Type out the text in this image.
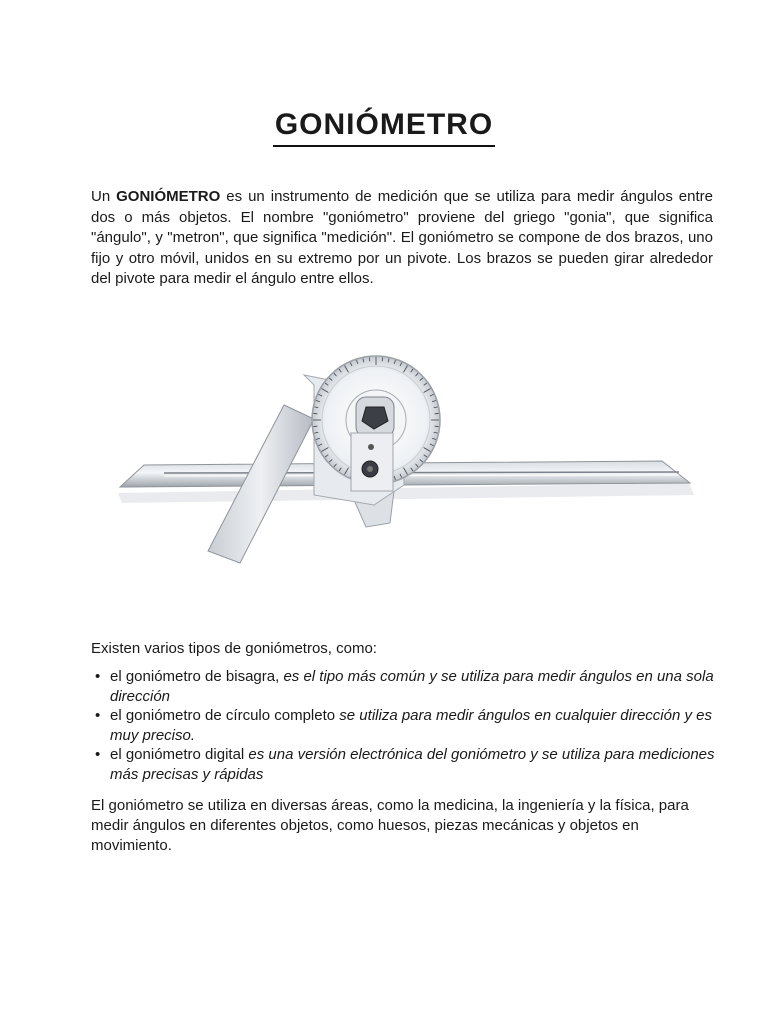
GONIÓMETRO

Un GONIÓMETRO es un instrumento de medición que se utiliza para medir ángulos entre dos o más objetos. El nombre "goniómetro" proviene del griego "gonia", que significa "ángulo", y "metron", que significa "medición". El goniómetro se compone de dos brazos, uno fijo y otro móvil, unidos en su extremo por un pivote. Los brazos se pueden girar alrededor del pivote para medir el ángulo entre ellos.

Existen varios tipos de goniómetros, como:

• el goniómetro de bisagra, es el tipo más común y se utiliza para medir ángulos en una sola dirección
• el goniómetro de círculo completo se utiliza para medir ángulos en cualquier dirección y es muy preciso.
• el goniómetro digital es una versión electrónica del goniómetro y se utiliza para mediciones más precisas y rápidas

El goniómetro se utiliza en diversas áreas, como la medicina, la ingeniería y la física, para medir ángulos en diferentes objetos, como huesos, piezas mecánicas y objetos en movimiento.
